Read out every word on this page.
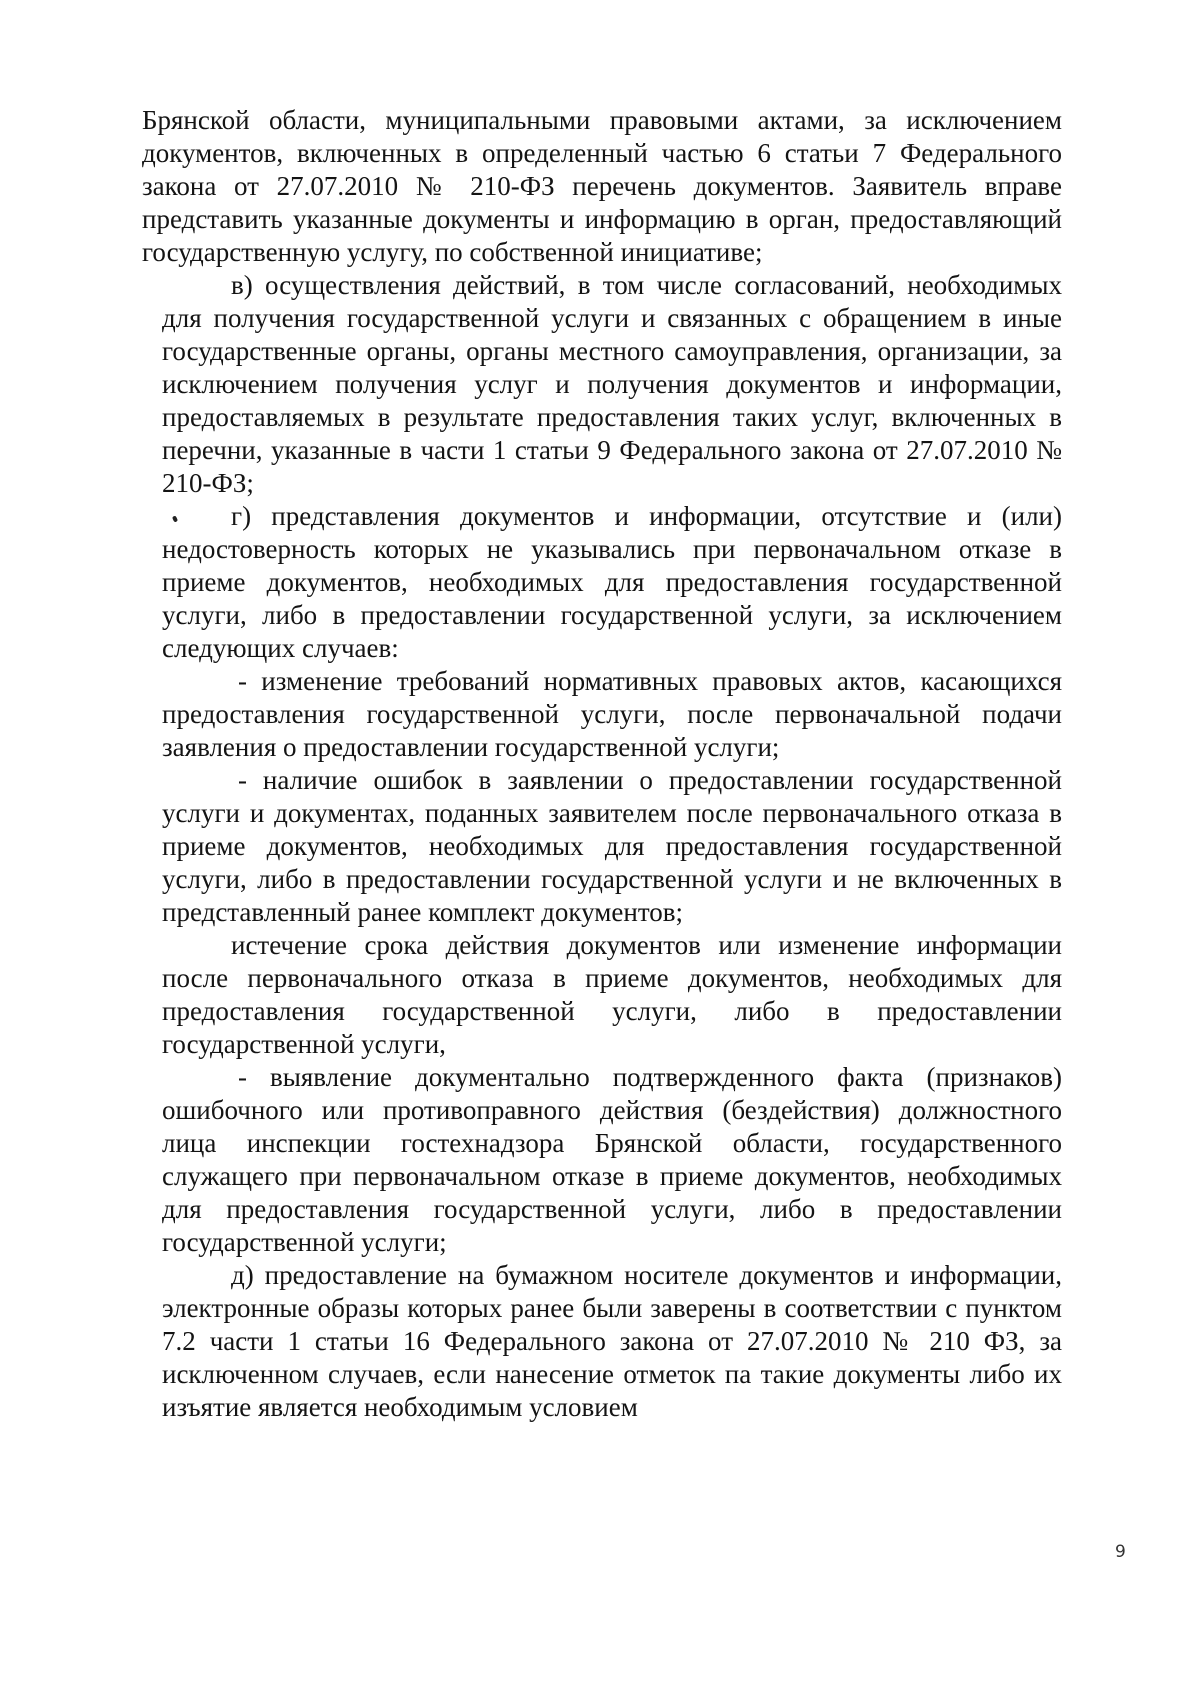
Брянской области, муниципальными правовыми актами, за исключением документов, включенных в определенный частью 6 статьи 7 Федерального закона от 27.07.2010 № 210-ФЗ перечень документов. Заявитель вправе представить указанные документы и информацию в орган, предоставляющий государственную услугу, по собственной инициативе;

в) осуществления действий, в том числе согласований, необходимых для получения государственной услуги и связанных с обращением в иные государственные органы, органы местного самоуправления, организации, за исключением получения услуг и получения документов и информации, предоставляемых в результате предоставления таких услуг, включенных в перечни, указанные в части 1 статьи 9 Федерального закона от 27.07.2010 № 210-ФЗ;

г) представления документов и информации, отсутствие и (или) недостоверность которых не указывались при первоначальном отказе в приеме документов, необходимых для предоставления государственной услуги, либо в предоставлении государственной услуги, за исключением следующих случаев:

- изменение требований нормативных правовых актов, касающихся предоставления государственной услуги, после первоначальной подачи заявления о предоставлении государственной услуги;

- наличие ошибок в заявлении о предоставлении государственной услуги и документах, поданных заявителем после первоначального отказа в приеме документов, необходимых для предоставления государственной услуги, либо в предоставлении государственной услуги и не включенных в представленный ранее комплект документов;

истечение срока действия документов или изменение информации после первоначального отказа в приеме документов, необходимых для предоставления государственной услуги, либо в предоставлении государственной услуги,

- выявление документально подтвержденного факта (признаков) ошибочного или противоправного действия (бездействия) должностного лица инспекции гостехнадзора Брянской области, государственного служащего при первоначальном отказе в приеме документов, необходимых для предоставления государственной услуги, либо в предоставлении государственной услуги;

д) предоставление на бумажном носителе документов и информации, электронные образы которых ранее были заверены в соответствии с пунктом 7.2 части 1 статьи 16 Федерального закона от 27.07.2010 № 210 ФЗ, за исключенном случаев, если нанесение отметок па такие документы либо их изъятие является необходимым условием

9
